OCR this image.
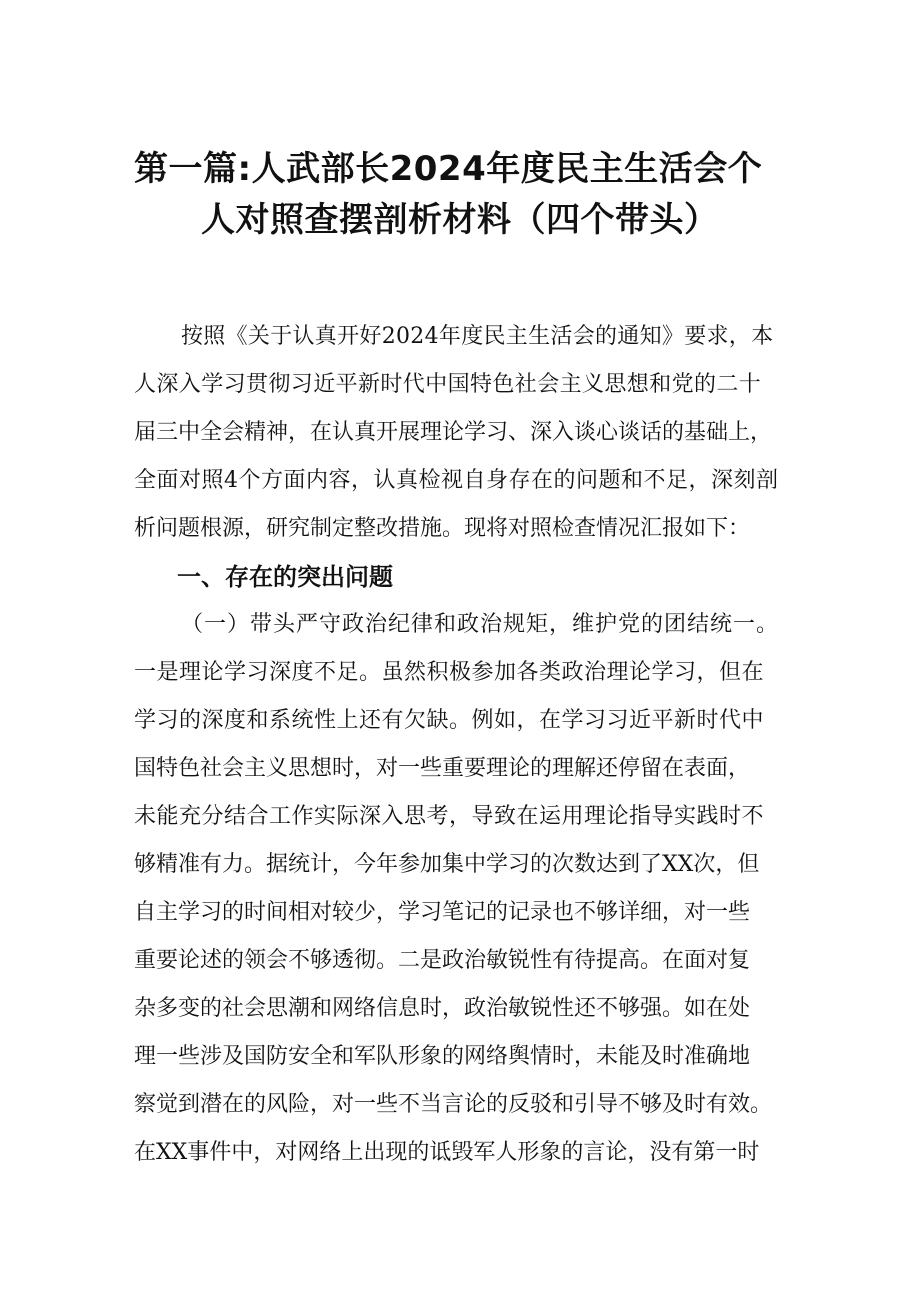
第一篇:人武部长2024年度民主生活会个
人对照查摆剖析材料（四个带头）

按照《关于认真开好2024年度民主生活会的通知》要求，本

人深入学习贯彻习近平新时代中国特色社会主义思想和党的二十

届三中全会精神，在认真开展理论学习、深入谈心谈话的基础上，

全面对照4个方面内容，认真检视自身存在的问题和不足，深刻剖

析问题根源，研究制定整改措施。现将对照检查情况汇报如下：

一、存在的突出问题

（一）带头严守政治纪律和政治规矩，维护党的团结统一。

一是理论学习深度不足。虽然积极参加各类政治理论学习，但在

学习的深度和系统性上还有欠缺。例如，在学习习近平新时代中

国特色社会主义思想时，对一些重要理论的理解还停留在表面，

未能充分结合工作实际深入思考，导致在运用理论指导实践时不

够精准有力。据统计，今年参加集中学习的次数达到了XX次，但

自主学习的时间相对较少，学习笔记的记录也不够详细，对一些

重要论述的领会不够透彻。二是政治敏锐性有待提高。在面对复

杂多变的社会思潮和网络信息时，政治敏锐性还不够强。如在处

理一些涉及国防安全和军队形象的网络舆情时，未能及时准确地

察觉到潜在的风险，对一些不当言论的反驳和引导不够及时有效。

在XX事件中，对网络上出现的诋毁军人形象的言论，没有第一时
